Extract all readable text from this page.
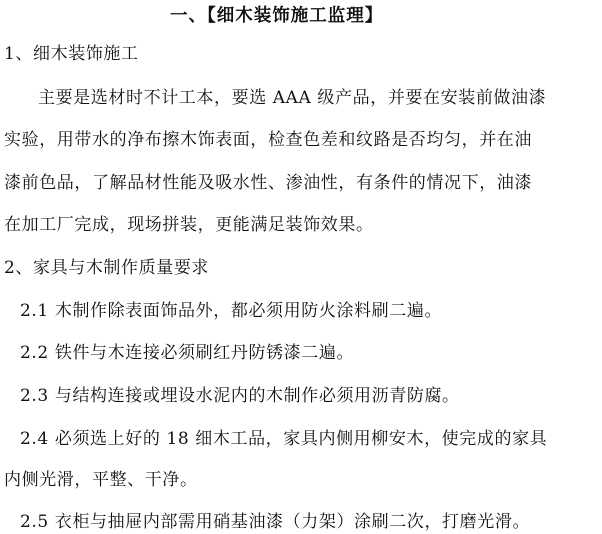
一、【细木装饰施工监理】
1、细木装饰施工
主要是选材时不计工本，要选 AAA 级产品，并要在安装前做油漆
实验，用带水的净布擦木饰表面，检查色差和纹路是否均匀，并在油
漆前色品，了解品材性能及吸水性、渗油性，有条件的情况下，油漆
在加工厂完成，现场拼装，更能满足装饰效果。
2、家具与木制作质量要求
2.1 木制作除表面饰品外，都必须用防火涂料刷二遍。
2.2 铁件与木连接必须刷红丹防锈漆二遍。
2.3 与结构连接或埋设水泥内的木制作必须用沥青防腐。
2.4 必须选上好的 18 细木工品，家具内侧用柳安木，使完成的家具
内侧光滑，平整、干净。
2.5 衣柜与抽屉内部需用硝基油漆（力架）涂刷二次，打磨光滑。
